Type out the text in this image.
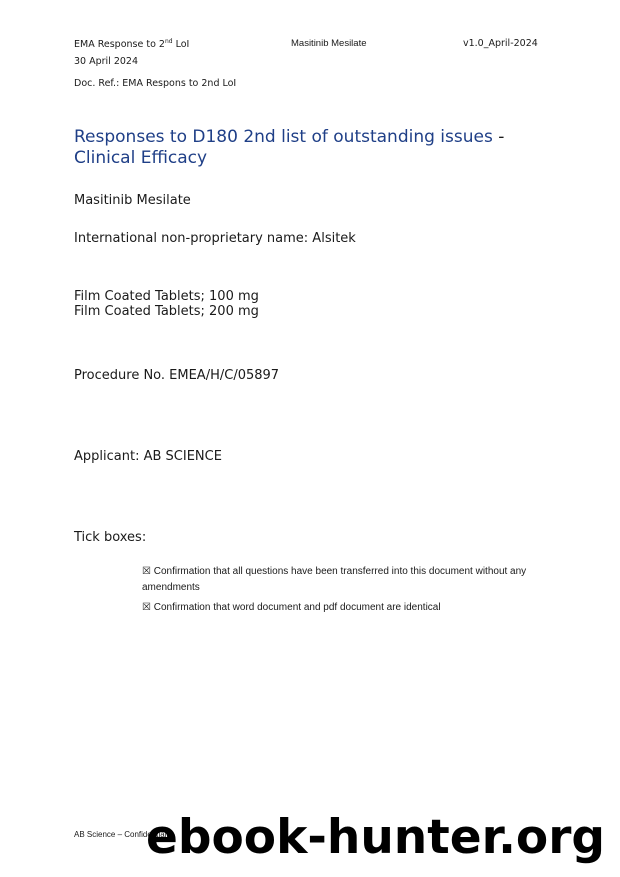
EMA Response to 2nd LoI	Masitinib Mesilate	v1.0_April-2024
30 April 2024
Doc. Ref.: EMA Respons to 2nd LoI
Responses to D180 2nd list of outstanding issues -
Clinical Efficacy
Masitinib Mesilate
International non-proprietary name: Alsitek
Film Coated Tablets; 100 mg
Film Coated Tablets; 200 mg
Procedure No. EMEA/H/C/05897
Applicant: AB SCIENCE
Tick boxes:
☒ Confirmation that all questions have been transferred into this document without any amendments
☒ Confirmation that word document and pdf document are identical
AB Science – Confidential
ebook-hunter.org
